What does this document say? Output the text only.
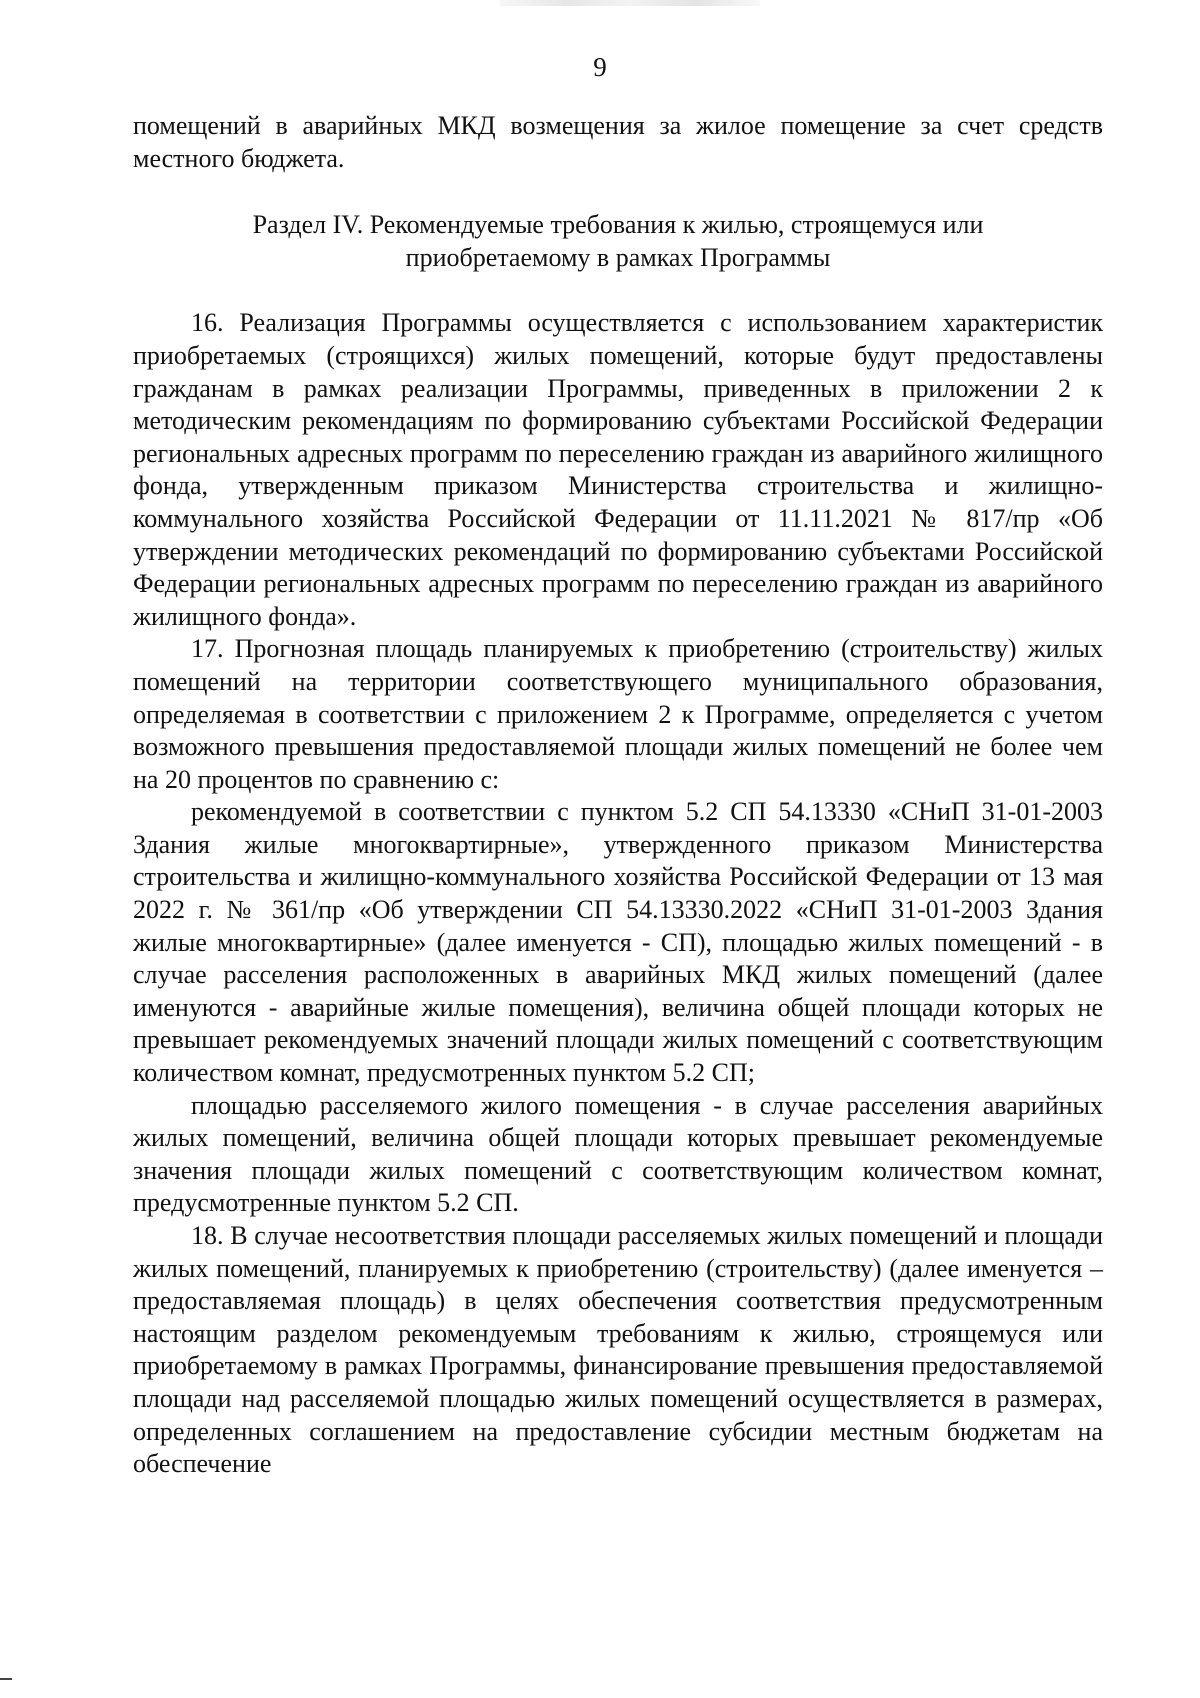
9

помещений в аварийных МКД возмещения за жилое помещение за счет средств местного бюджета.

Раздел IV. Рекомендуемые требования к жилью, строящемуся или приобретаемому в рамках Программы

16. Реализация Программы осуществляется с использованием характеристик приобретаемых (строящихся) жилых помещений, которые будут предоставлены гражданам в рамках реализации Программы, приведенных в приложении 2 к методическим рекомендациям по формированию субъектами Российской Федерации региональных адресных программ по переселению граждан из аварийного жилищного фонда, утвержденным приказом Министерства строительства и жилищно-коммунального хозяйства Российской Федерации от 11.11.2021 № 817/пр «Об утверждении методических рекомендаций по формированию субъектами Российской Федерации региональных адресных программ по переселению граждан из аварийного жилищного фонда».

17. Прогнозная площадь планируемых к приобретению (строительству) жилых помещений на территории соответствующего муниципального образования, определяемая в соответствии с приложением 2 к Программе, определяется с учетом возможного превышения предоставляемой площади жилых помещений не более чем на 20 процентов по сравнению с:

рекомендуемой в соответствии с пунктом 5.2 СП 54.13330 «СНиП 31-01-2003 Здания жилые многоквартирные», утвержденного приказом Министерства строительства и жилищно-коммунального хозяйства Российской Федерации от 13 мая 2022 г. № 361/пр «Об утверждении СП 54.13330.2022 «СНиП 31-01-2003 Здания жилые многоквартирные» (далее именуется - СП), площадью жилых помещений - в случае расселения расположенных в аварийных МКД жилых помещений (далее именуются - аварийные жилые помещения), величина общей площади которых не превышает рекомендуемых значений площади жилых помещений с соответствующим количеством комнат, предусмотренных пунктом 5.2 СП;

площадью расселяемого жилого помещения - в случае расселения аварийных жилых помещений, величина общей площади которых превышает рекомендуемые значения площади жилых помещений с соответствующим количеством комнат, предусмотренные пунктом 5.2 СП.

18. В случае несоответствия площади расселяемых жилых помещений и площади жилых помещений, планируемых к приобретению (строительству) (далее именуется – предоставляемая площадь) в целях обеспечения соответствия предусмотренным настоящим разделом рекомендуемым требованиям к жилью, строящемуся или приобретаемому в рамках Программы, финансирование превышения предоставляемой площади над расселяемой площадью жилых помещений осуществляется в размерах, определенных соглашением на предоставление субсидии местным бюджетам на обеспечение
